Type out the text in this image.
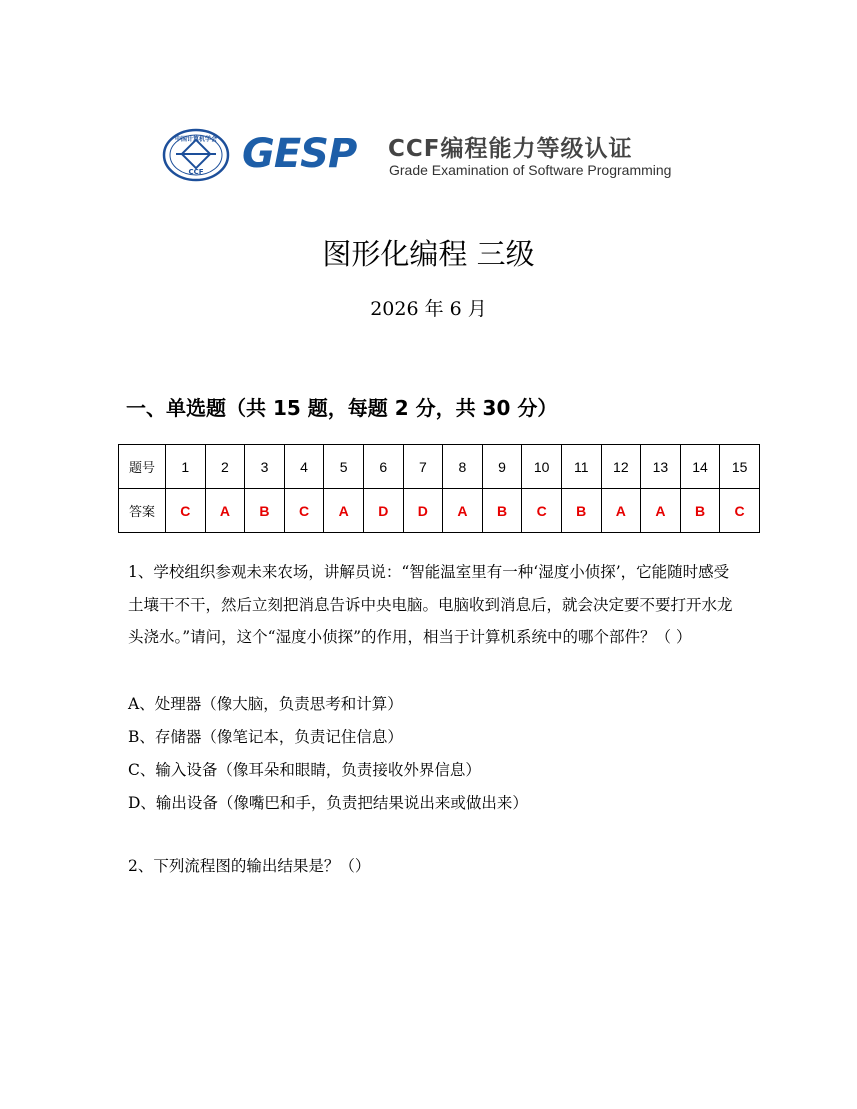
中国计算机学会
CCF GESP	CCF编程能力等级认证
Grade Examination of Software Programming
图形化编程 三级
2026 年 6 月
一、单选题（共 15 题，每题 2 分，共 30 分）
题号	1	2	3	4	5	6	7	8	9	10	11	12	13	14	15
答案	C	A	B	C	A	D	D	A	B	C	B	A	A	B	C
1、学校组织参观未来农场，讲解员说：“智能温室里有一种‘湿度小侦探’，它能随时感受土壤干不干，然后立刻把消息告诉中央电脑。电脑收到消息后，就会决定要不要打开水龙头浇水。”请问，这个“湿度小侦探”的作用，相当于计算机系统中的哪个部件？（ ）
A、处理器（像大脑，负责思考和计算）
B、存储器（像笔记本，负责记住信息）
C、输入设备（像耳朵和眼睛，负责接收外界信息）
D、输出设备（像嘴巴和手，负责把结果说出来或做出来）
2、下列流程图的输出结果是？（）
